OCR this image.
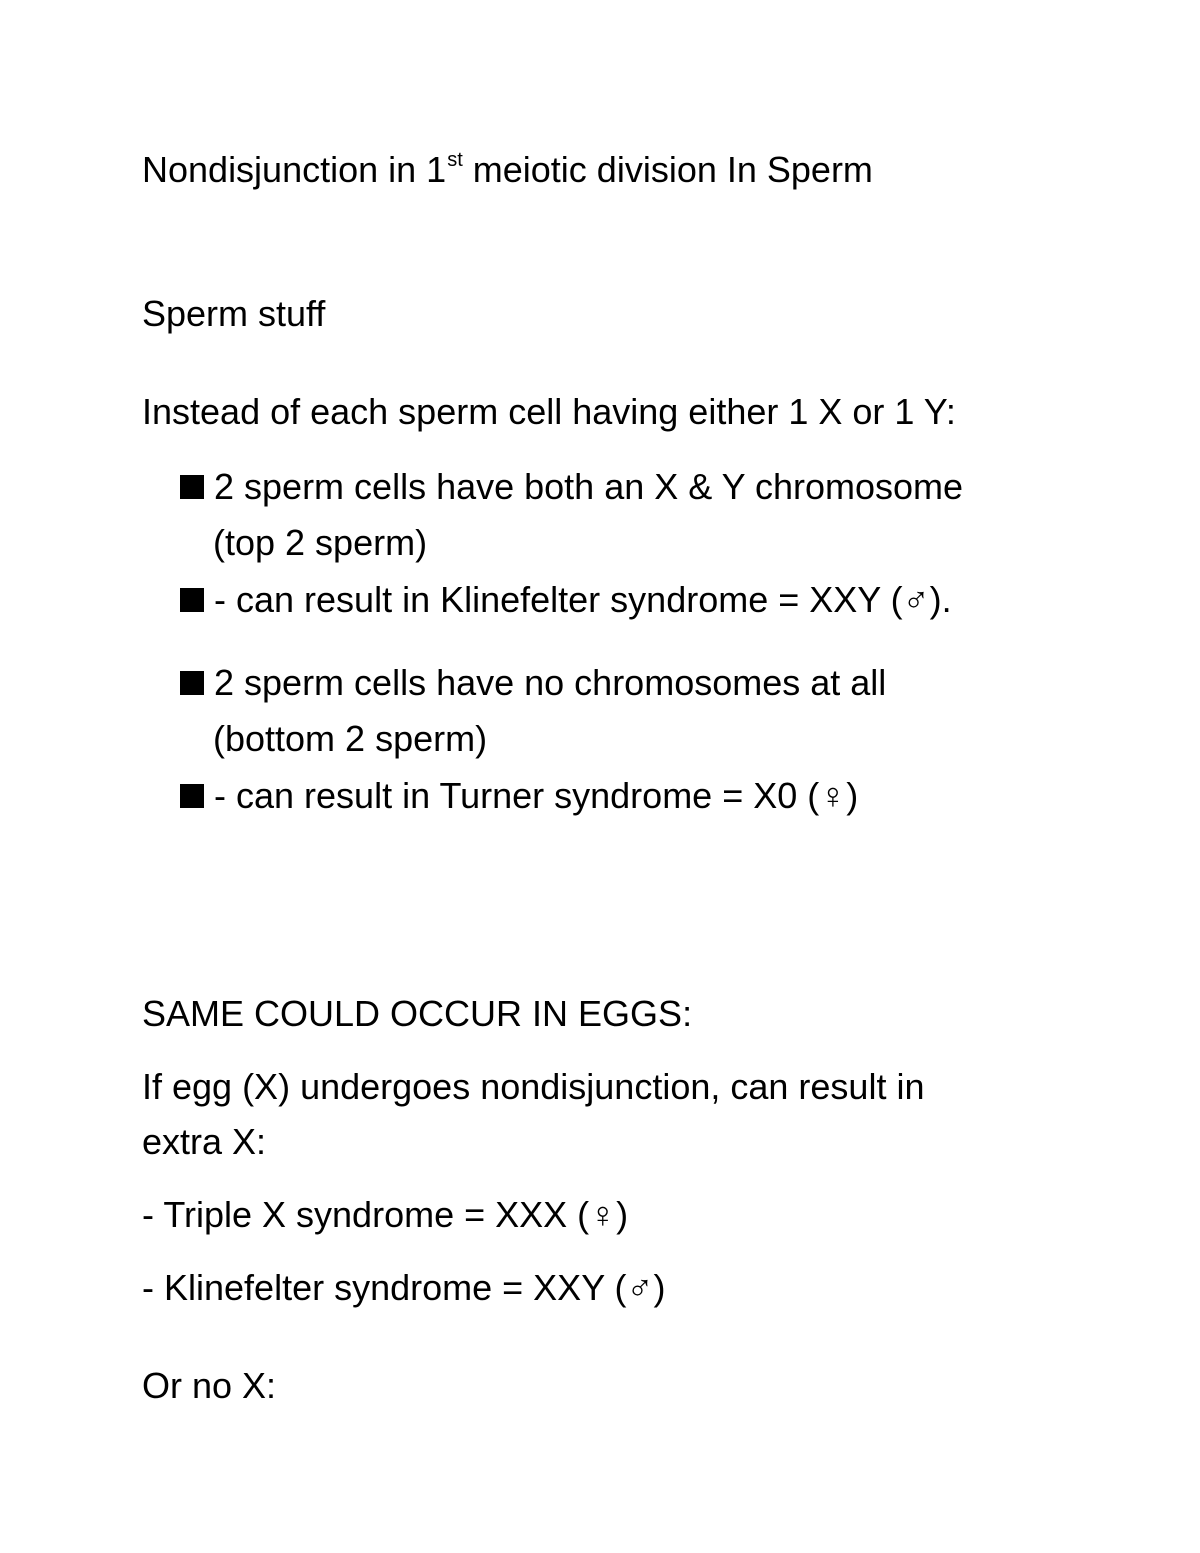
Nondisjunction in 1st meiotic division In Sperm
Sperm stuff
Instead of each sperm cell having either 1 X or 1 Y:
2 sperm cells have both an X & Y chromosome
(top 2 sperm)
- can result in Klinefelter syndrome = XXY (♂).
2 sperm cells have no chromosomes at all
(bottom 2 sperm)
- can result in Turner syndrome = X0 (♀)
SAME COULD OCCUR IN EGGS:
If egg (X) undergoes nondisjunction, can result in
extra X:
- Triple X syndrome = XXX (♀)
- Klinefelter syndrome = XXY (♂)
Or no X:
